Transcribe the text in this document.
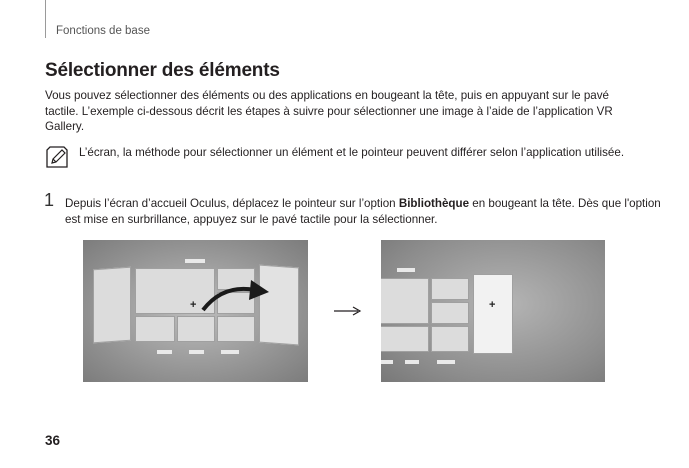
Fonctions de base
Sélectionner des éléments

Vous pouvez sélectionner des éléments ou des applications en bougeant la tête, puis en appuyant sur le pavé tactile. L’exemple ci-dessous décrit les étapes à suivre pour sélectionner une image à l’aide de l’application VR Gallery.

L’écran, la méthode pour sélectionner un élément et le pointeur peuvent différer selon l’application utilisée.

1 Depuis l’écran d’accueil Oculus, déplacez le pointeur sur l’option Bibliothèque en bougeant la tête. Dès que l'option est mise en surbrillance, appuyez sur le pavé tactile pour la sélectionner.

+	+
36
